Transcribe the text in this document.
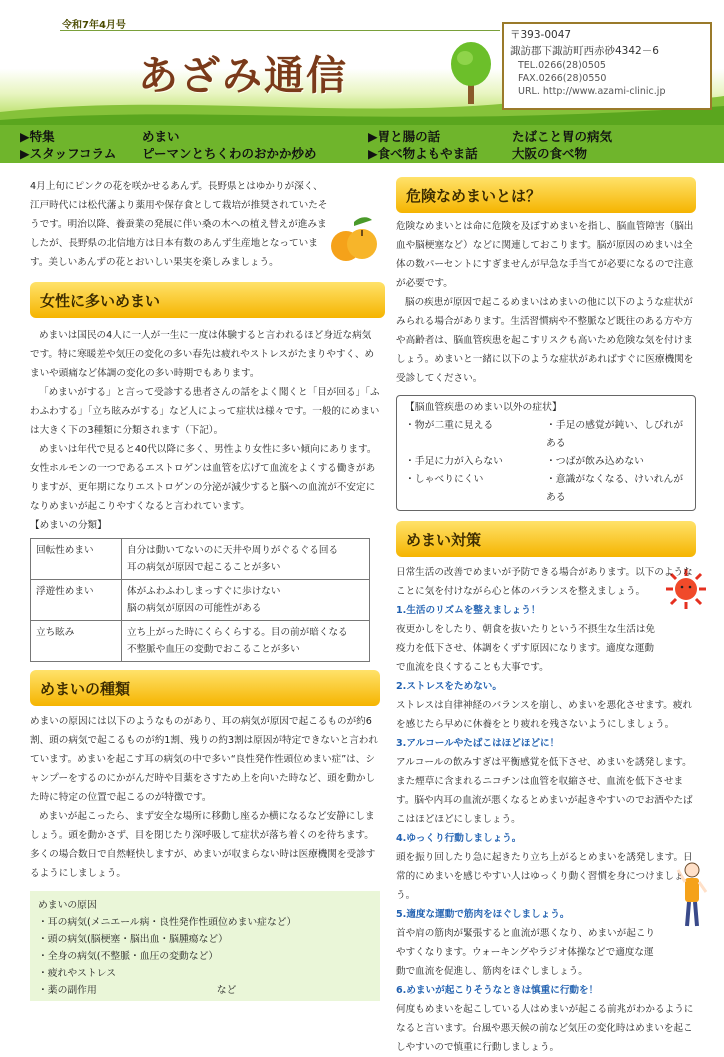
令和7年4月号
あざみ通信
〒393-0047
諏訪郡下諏訪町西赤砂4342－6
TEL.0266(28)0505
FAX.0266(28)0550
URL. http://www.azami-clinic.jp
▶特集
▶スタッフコラム
めまい
ピーマンとちくわのおかか炒め
▶胃と腸の話
▶食べ物よもやま話
たばこと胃の病気
大阪の食べ物

4月上旬にピンクの花を咲かせるあんず。長野県とはゆかりが深く、江戸時代には松代藩より薬用や保存食として栽培が推奨されていたそうです。明治以降、養蚕業の発展に伴い桑の木への植え替えが進みましたが、長野県の北信地方は日本有数のあんず生産地となっています。美しいあんずの花とおいしい果実を楽しみましょう。

女性に多いめまい

めまいは国民の4人に一人が一生に一度は体験すると言われるほど身近な病気です。特に寒暖差や気圧の変化の多い春先は疲れやストレスがたまりやすく、めまいや頭痛など体調の変化の多い時期でもあります。

「めまいがする」と言って受診する患者さんの話をよく聞くと「目が回る」「ふわふわする」「立ち眩みがする」など人によって症状は様々です。一般的にめまいは大きく下の3種類に分類されます（下記）。

めまいは年代で見ると40代以降に多く、男性より女性に多い傾向にあります。女性ホルモンの一つであるエストロゲンは血管を広げて血流をよくする働きがありますが、更年期になりエストロゲンの分泌が減少すると脳への血流が不安定になりめまいが起こりやすくなると言われています。

【めまいの分類】

回転性めまい	自分は動いてないのに天井や周りがぐるぐる回る
耳の病気が原因で起こることが多い

浮遊性めまい	体がふわふわしまっすぐに歩けない
脳の病気が原因の可能性がある

立ち眩み	立ち上がった時にくらくらする。目の前が暗くなる
不整脈や血圧の変動でおこることが多い
めまいの種類

めまいの原因には以下のようなものがあり、耳の病気が原因で起こるものが約6割、頭の病気で起こるものが約1割、残りの約3割は原因が特定できないと言われています。めまいを起こす耳の病気の中で多い“良性発作性頭位めまい症”は、シャンプーをするのにかがんだ時や目薬をさすため上を向いた時など、頭を動かした時に特定の位置で起こるのが特徴です。

めまいが起こったら、まず安全な場所に移動し座るか横になるなど安静にしましょう。頭を動かさず、目を閉じたり深呼吸して症状が落ち着くのを待ちます。多くの場合数日で自然軽快しますが、めまいが収まらない時は医療機関を受診するようにしましょう。

めまいの原因
・耳の病気(メニエール病・良性発作性頭位めまい症など）
・頭の病気(脳梗塞・脳出血・脳腫瘍など）
・全身の病気(不整脈・血圧の変動など）
・疲れやストレス
・薬の副作用	など
危険なめまいとは？

危険なめまいとは命に危険を及ぼすめまいを指し、脳血管障害（脳出血や脳梗塞など）などに関連しておこります。脳が原因のめまいは全体の数パーセントにすぎませんが早急な手当てが必要になるので注意が必要です。

脳の疾患が原因で起こるめまいはめまいの他に以下のような症状がみられる場合があります。生活習慣病や不整脈など既往のある方や方や高齢者は、脳血管疾患を起こすリスクも高いため危険な気を付けましょう。めまいと一緒に以下のような症状があればすぐに医療機関を受診してください。

【脳血管疾患のめまい以外の症状】
・物が二重に見える	・手足の感覚が鈍い、しびれがある
・手足に力が入らない	・つばが飲み込めない
・しゃべりにくい	・意識がなくなる、けいれんがある
めまい対策

日常生活の改善でめまいが予防できる場合があります。以下のようなことに気を付けながら心と体のバランスを整えましょう。

1.生活のリズムを整えましょう！

夜更かしをしたり、朝食を抜いたりという不摂生な生活は免疫力を低下させ、体調をくずす原因になります。適度な運動で血流を良くすることも大事です。

2.ストレスをためない。

ストレスは自律神経のバランスを崩し、めまいを悪化させます。疲れを感じたら早めに休養をとり疲れを残さないようにしましょう。

3.アルコールやたばこはほどほどに！

アルコールの飲みすぎは平衡感覚を低下させ、めまいを誘発します。また煙草に含まれるニコチンは血管を収縮させ、血流を低下させます。脳や内耳の血流が悪くなるとめまいが起きやすいのでお酒やたばこはほどほどにしましょう。

4.ゆっくり行動しましょう。

頭を振り回したり急に起きたり立ち上がるとめまいを誘発します。日常的にめまいを感じやすい人はゆっくり動く習慣を身につけましょう。

5.適度な運動で筋肉をほぐしましょう。

首や肩の筋肉が緊張すると血流が悪くなり、めまいが起こりやすくなります。ウォーキングやラジオ体操などで適度な運動で血流を促進し、筋肉をほぐしましょう。

6.めまいが起こりそうなときは慎重に行動を！

何度もめまいを起こしている人はめまいが起こる前兆がわかるようになると言います。台風や悪天候の前など気圧の変化時はめまいを起こしやすいので慎重に行動しましょう。
